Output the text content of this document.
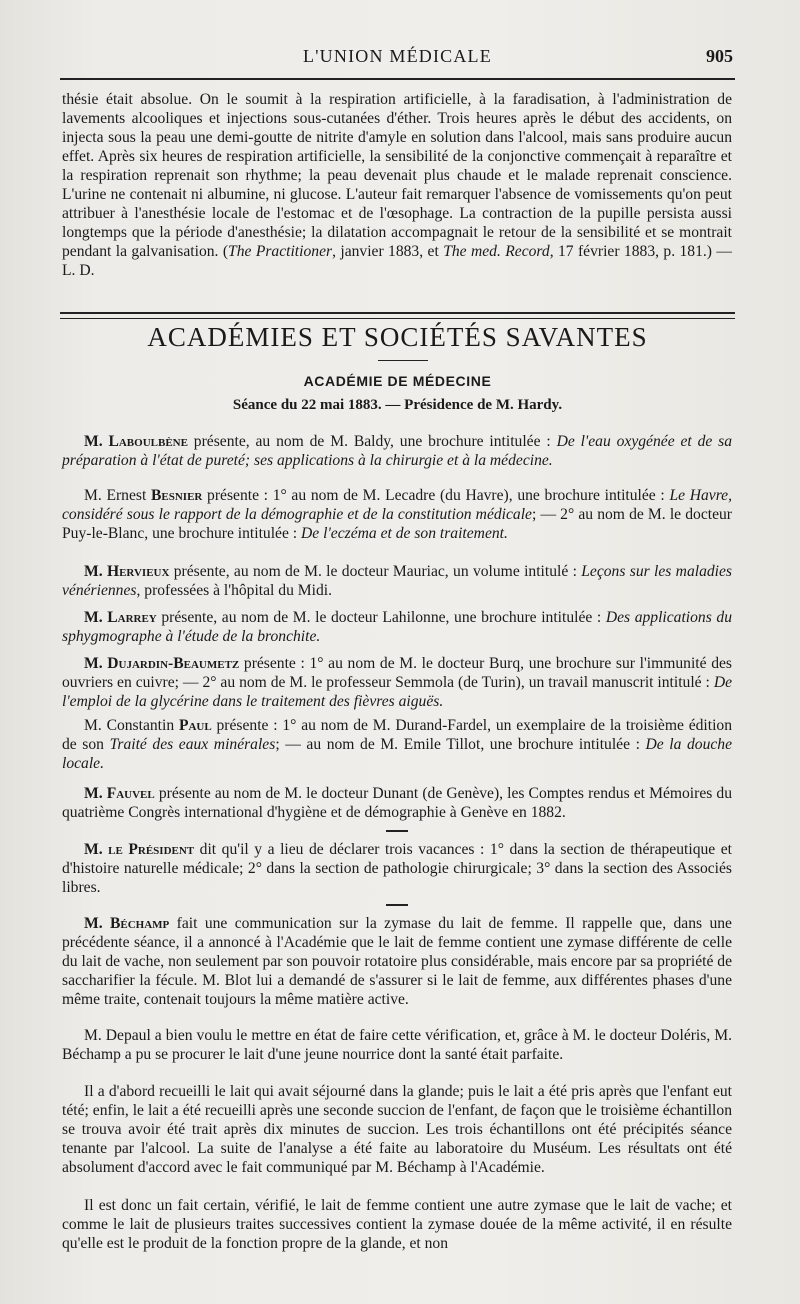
L'UNION MÉDICALE	905
thésie était absolue. On le soumit à la respiration artificielle, à la faradisation, à l'administration de lavements alcooliques et injections sous-cutanées d'éther. Trois heures après le début des accidents, on injecta sous la peau une demi-goutte de nitrite d'amyle en solution dans l'alcool, mais sans produire aucun effet. Après six heures de respiration artificielle, la sensibilité de la conjonctive commençait à reparaître et la respiration reprenait son rhythme; la peau devenait plus chaude et le malade reprenait conscience. L'urine ne contenait ni albumine, ni glucose. L'auteur fait remarquer l'absence de vomissements qu'on peut attribuer à l'anesthésie locale de l'estomac et de l'œsophage. La contraction de la pupille persista aussi longtemps que la période d'anesthésie; la dilatation accompagnait le retour de la sensibilité et se montrait pendant la galvanisation. (The Practitioner, janvier 1883, et The med. Record, 17 février 1883, p. 181.) — L. D.
ACADÉMIES ET SOCIÉTÉS SAVANTES
ACADÉMIE DE MÉDECINE
Séance du 22 mai 1883. — Présidence de M. Hardy.
M. Laboulbène présente, au nom de M. Baldy, une brochure intitulée : De l'eau oxygénée et de sa préparation à l'état de pureté; ses applications à la chirurgie et à la médecine.
M. Ernest Besnier présente : 1° au nom de M. Lecadre (du Havre), une brochure intitulée : Le Havre, considéré sous le rapport de la démographie et de la constitution médicale; — 2° au nom de M. le docteur Puy-le-Blanc, une brochure intitulée : De l'eczéma et de son traitement.
M. Hervieux présente, au nom de M. le docteur Mauriac, un volume intitulé : Leçons sur les maladies vénériennes, professées à l'hôpital du Midi.
M. Larrey présente, au nom de M. le docteur Lahilonne, une brochure intitulée : Des applications du sphygmographe à l'étude de la bronchite.
M. Dujardin-Beaumetz présente : 1° au nom de M. le docteur Burq, une brochure sur l'immunité des ouvriers en cuivre; — 2° au nom de M. le professeur Semmola (de Turin), un travail manuscrit intitulé : De l'emploi de la glycérine dans le traitement des fièvres aiguës.
M. Constantin Paul présente : 1° au nom de M. Durand-Fardel, un exemplaire de la troisième édition de son Traité des eaux minérales; — au nom de M. Emile Tillot, une brochure intitulée : De la douche locale.
M. Fauvel présente au nom de M. le docteur Dunant (de Genève), les Comptes rendus et Mémoires du quatrième Congrès international d'hygiène et de démographie à Genève en 1882.
M. le Président dit qu'il y a lieu de déclarer trois vacances : 1° dans la section de thérapeutique et d'histoire naturelle médicale; 2° dans la section de pathologie chirurgicale; 3° dans la section des Associés libres.
M. Béchamp fait une communication sur la zymase du lait de femme. Il rappelle que, dans une précédente séance, il a annoncé à l'Académie que le lait de femme contient une zymase différente de celle du lait de vache, non seulement par son pouvoir rotatoire plus considérable, mais encore par sa propriété de saccharifier la fécule. M. Blot lui a demandé de s'assurer si le lait de femme, aux différentes phases d'une même traite, contenait toujours la même matière active.
M. Depaul a bien voulu le mettre en état de faire cette vérification, et, grâce à M. le docteur Doléris, M. Béchamp a pu se procurer le lait d'une jeune nourrice dont la santé était parfaite.
Il a d'abord recueilli le lait qui avait séjourné dans la glande; puis le lait a été pris après que l'enfant eut tété; enfin, le lait a été recueilli après une seconde succion de l'enfant, de façon que le troisième échantillon se trouva avoir été trait après dix minutes de succion. Les trois échantillons ont été précipités séance tenante par l'alcool. La suite de l'analyse a été faite au laboratoire du Muséum. Les résultats ont été absolument d'accord avec le fait communiqué par M. Béchamp à l'Académie.
Il est donc un fait certain, vérifié, le lait de femme contient une autre zymase que le lait de vache; et comme le lait de plusieurs traites successives contient la zymase douée de la même activité, il en résulte qu'elle est le produit de la fonction propre de la glande, et non
